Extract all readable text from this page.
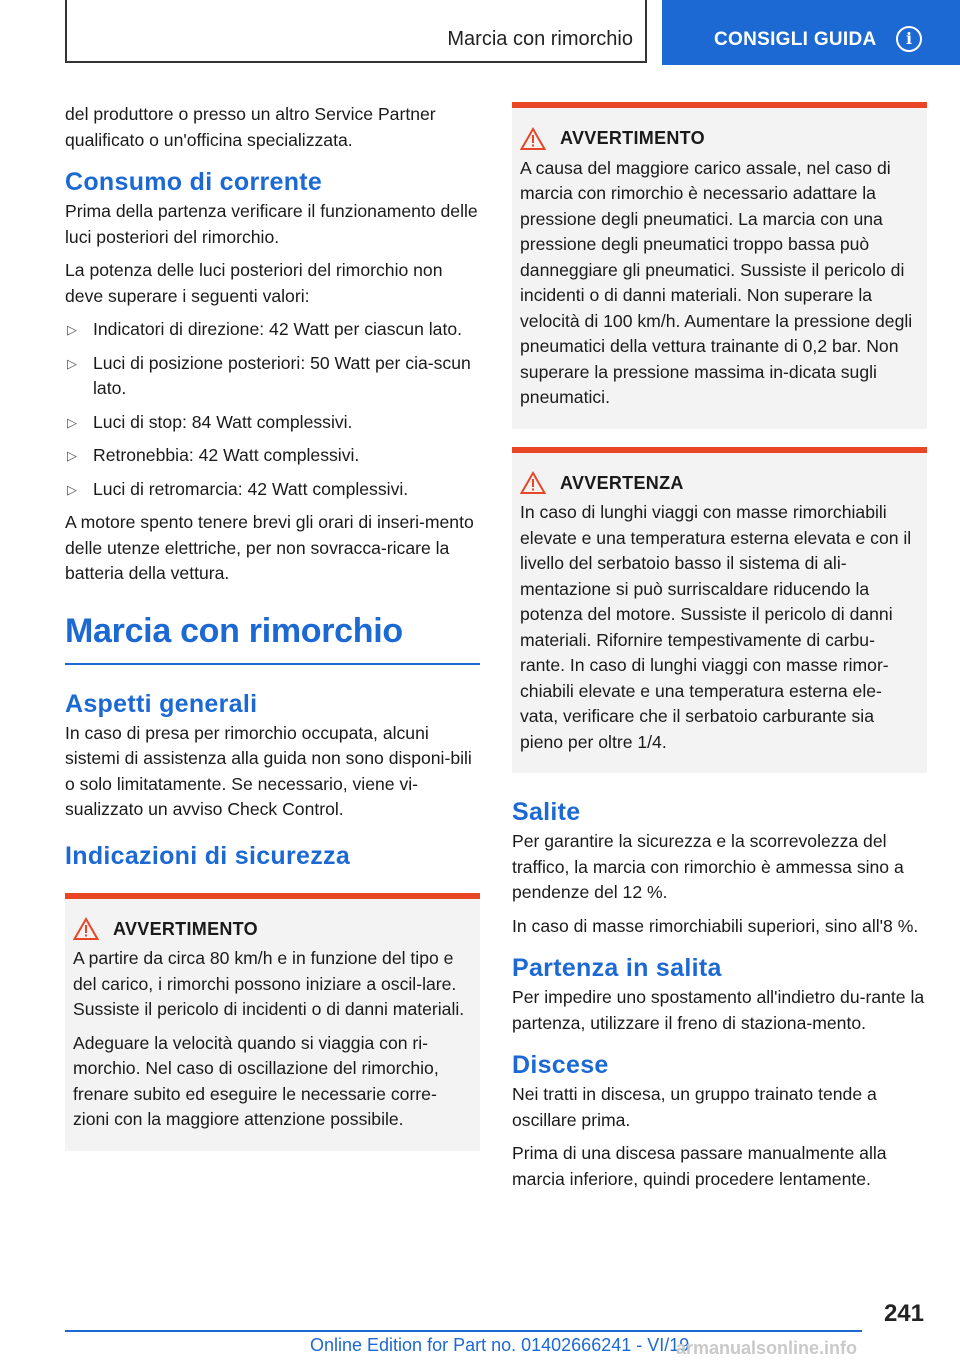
Marcia con rimorchio	CONSIGLI GUIDA	i

del produttore o presso un altro Service Partner qualificato o un'officina specializzata.

Consumo di corrente

Prima della partenza verificare il funzionamento delle luci posteriori del rimorchio.

La potenza delle luci posteriori del rimorchio non deve superare i seguenti valori:

▷ Indicatori di direzione: 42 Watt per ciascun lato.
▷ Luci di posizione posteriori: 50 Watt per cia-scun lato.
▷ Luci di stop: 84 Watt complessivi.
▷ Retronebbia: 42 Watt complessivi.
▷ Luci di retromarcia: 42 Watt complessivi.

A motore spento tenere brevi gli orari di inseri-mento delle utenze elettriche, per non sovracca-ricare la batteria della vettura.

Marcia con rimorchio
Aspetti generali

In caso di presa per rimorchio occupata, alcuni sistemi di assistenza alla guida non sono disponi-bili o solo limitatamente. Se necessario, viene vi-sualizzato un avviso Check Control.

Indicazioni di sicurezza
AVVERTIMENTO

A partire da circa 80 km/h e in funzione del tipo e del carico, i rimorchi possono iniziare a oscil-lare. Sussiste il pericolo di incidenti o di danni materiali.

Adeguare la velocità quando si viaggia con ri-morchio. Nel caso di oscillazione del rimorchio, frenare subito ed eseguire le necessarie corre-zioni con la maggiore attenzione possibile.

AVVERTIMENTO

A causa del maggiore carico assale, nel caso di marcia con rimorchio è necessario adattare la pressione degli pneumatici. La marcia con una pressione degli pneumatici troppo bassa può danneggiare gli pneumatici. Sussiste il pericolo di incidenti o di danni materiali. Non superare la velocità di 100 km/h. Aumentare la pressione degli pneumatici della vettura trainante di 0,2 bar. Non superare la pressione massima in-dicata sugli pneumatici.

AVVERTENZA

In caso di lunghi viaggi con masse rimorchiabili elevate e una temperatura esterna elevata e con il livello del serbatoio basso il sistema di ali-mentazione si può surriscaldare riducendo la potenza del motore. Sussiste il pericolo di danni materiali. Rifornire tempestivamente di carbu-rante. In caso di lunghi viaggi con masse rimor-chiabili elevate e una temperatura esterna ele-vata, verificare che il serbatoio carburante sia pieno per oltre 1/4.

Salite

Per garantire la sicurezza e la scorrevolezza del traffico, la marcia con rimorchio è ammessa sino a pendenze del 12 %.

In caso di masse rimorchiabili superiori, sino all'8 %.

Partenza in salita

Per impedire uno spostamento all'indietro du-rante la partenza, utilizzare il freno di staziona-mento.

Discese

Nei tratti in discesa, un gruppo trainato tende a oscillare prima.

Prima di una discesa passare manualmente alla marcia inferiore, quindi procedere lentamente.

241
Online Edition for Part no. 01402666241 - VI/19
armanualsonline.info
